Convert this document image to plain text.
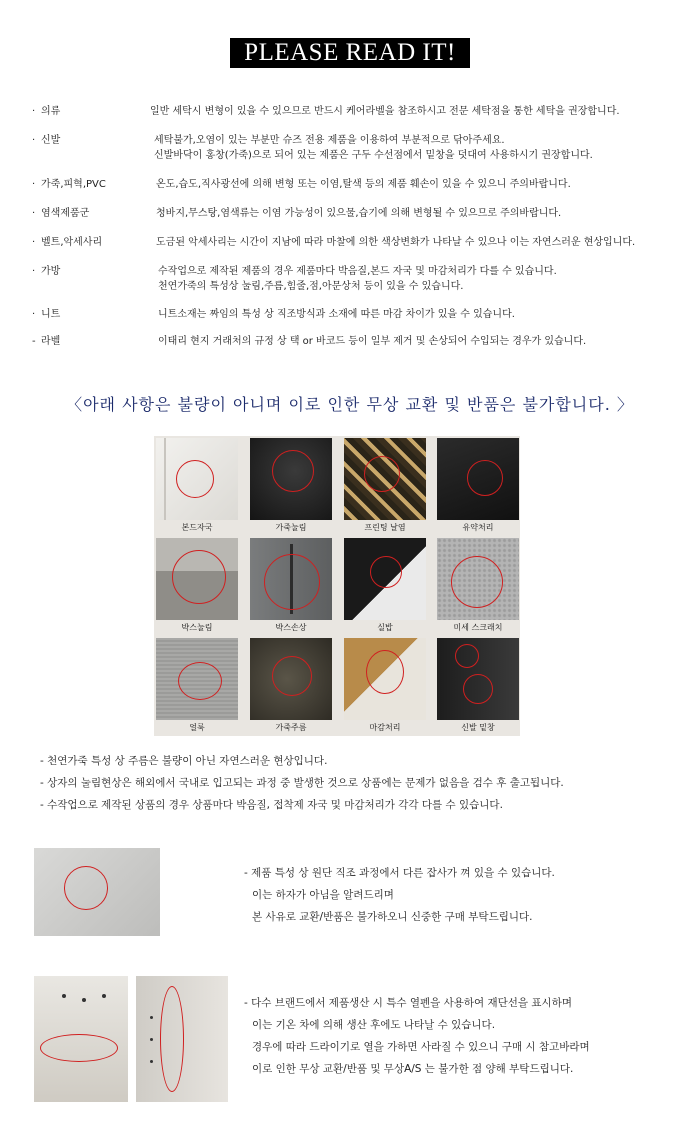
PLEASE READ IT!
· 의류	일반 세탁시 변형이 있을 수 있으므로 반드시 케어라벨을 참조하시고 전문 세탁점을 통한 세탁을 권장합니다.
· 신발	세탁불가,오염이 있는 부분만 슈즈 전용 제품을 이용하여 부분적으로 닦아주세요.
신발바닥이 홍창(가죽)으로 되어 있는 제품은 구두 수선점에서 밑창을 덧대여 사용하시기 권장합니다.
· 가죽,피혁,PVC	온도,습도,직사광선에 의해 변형 또는 이염,탈색 등의 제품 훼손이 있을 수 있으니 주의바랍니다.
· 염색제품군	청바지,무스탕,염색류는 이염 가능성이 있으물,습기에 의해 변형될 수 있으므로 주의바랍니다.
· 벨트,악세사리	도금된 악세사리는 시간이 지남에 따라 마찰에 의한 색상변화가 나타날 수 있으나 이는 자연스러운 현상입니다.
· 가방	수작업으로 제작된 제품의 경우 제품마다 박음질,본드 자국 및 마감처리가 다를 수 있습니다.
천연가죽의 특성상 눌림,주름,힘줄,점,아문상처 등이 있을 수 있습니다.
· 니트	니트소재는 짜임의 특성 상 직조방식과 소재에 따른 마감 차이가 있을 수 있습니다.
- 라벨	이태리 현지 거래처의 규정 상 택 or 바코드 등이 일부 제거 및 손상되어 수입되는 경우가 있습니다.
〈아래 사항은 불량이 아니며 이로 인한 무상 교환 및 반품은 불가합니다. 〉
본드자국	가죽눌림	프린팅 날염	유약처리
박스눌림	박스손상	실밥	미세 스크래치
얼룩	가죽주름	마감처리	신발 밑창
- 천연가죽 특성 상 주름은 불량이 아닌 자연스러운 현상입니다.
- 상자의 눌림현상은 해외에서 국내로 입고되는 과정 중 발생한 것으로 상품에는 문제가 없음을 검수 후 출고됩니다.
- 수작업으로 제작된 상품의 경우 상품마다 박음질, 접착제 자국 및 마감처리가 각각 다를 수 있습니다.
- 제품 특성 상 원단 직조 과정에서 다른 잡사가 껴 있을 수 있습니다.
이는 하자가 아님을 알려드리며
본 사유로 교환/반품은 불가하오니 신중한 구매 부탁드립니다.
- 다수 브랜드에서 제품생산 시 특수 열펜을 사용하여 재단선을 표시하며
이는 기온 차에 의해 생산 후에도 나타날 수 있습니다.
경우에 따라 드라이기로 열을 가하면 사라질 수 있으니 구매 시 참고바라며
이로 인한 무상 교환/반품 및 무상A/S 는 불가한 점 양해 부탁드립니다.
